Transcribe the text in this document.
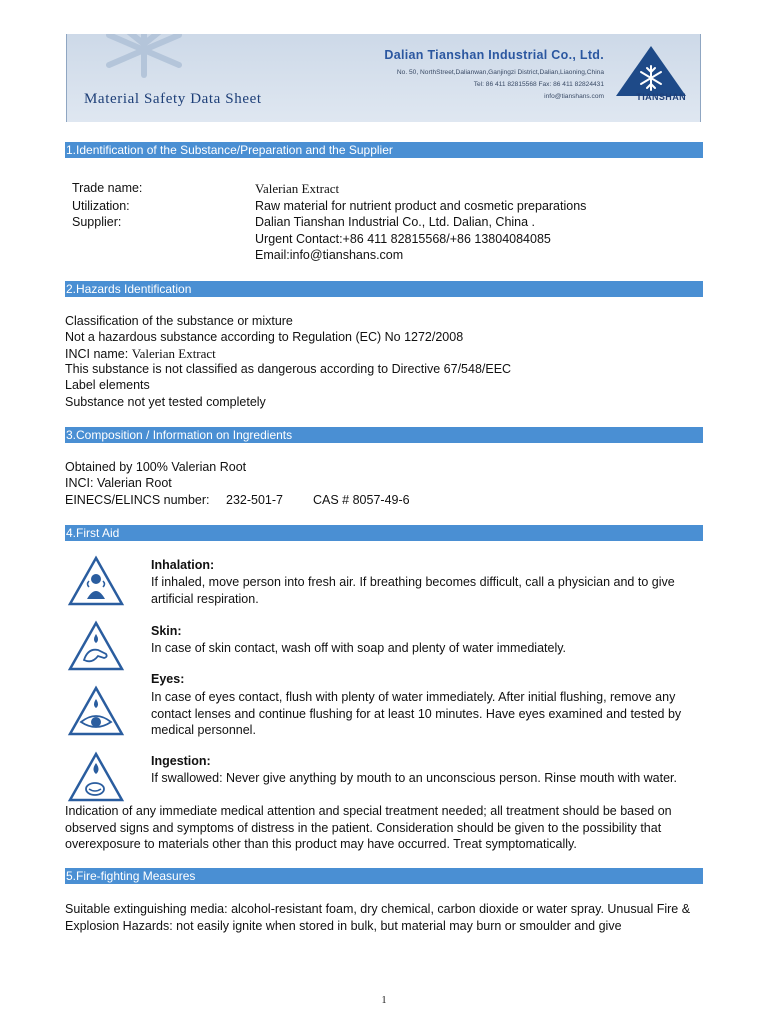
Material Safety Data Sheet
Dalian Tianshan Industrial Co., Ltd.
No. 50, NorthStreet,Dalianwan,Ganjingzi District,Dalian,Liaoning,China
Tel: 86 411 82815568 Fax: 86 411 82824431
info@tianshans.com	TIANSHAN
1.Identification of the Substance/Preparation and the Supplier
Trade name:	Valerian Extract
Utilization:	Raw material for nutrient product and cosmetic preparations
Supplier:	Dalian Tianshan Industrial Co., Ltd. Dalian, China .
Urgent Contact:+86 411 82815568/+86 13804084085
Email:info@tianshans.com
2.Hazards Identification
Classification of the substance or mixture
Not a hazardous substance according to Regulation (EC) No 1272/2008
INCI name: Valerian Extract
This substance is not classified as dangerous according to Directive 67/548/EEC
Label elements
Substance not yet tested completely
3.Composition / Information on Ingredients
Obtained by 100% Valerian Root
INCI: Valerian Root
EINECS/ELINCS number: 232-501-7 CAS # 8057-49-6
4.First Aid
Inhalation:
If inhaled, move person into fresh air. If breathing becomes difficult, call a physician and to give artificial respiration.
Skin:
In case of skin contact, wash off with soap and plenty of water immediately.
Eyes:
In case of eyes contact, flush with plenty of water immediately. After initial flushing, remove any contact lenses and continue flushing for at least 10 minutes. Have eyes examined and tested by medical personnel.
Ingestion:
If swallowed: Never give anything by mouth to an unconscious person. Rinse mouth with water.
Indication of any immediate medical attention and special treatment needed; all treatment should be based on observed signs and symptoms of distress in the patient. Consideration should be given to the possibility that overexposure to materials other than this product may have occurred. Treat symptomatically.
5.Fire-fighting Measures
Suitable extinguishing media: alcohol-resistant foam, dry chemical, carbon dioxide or water spray. Unusual Fire & Explosion Hazards: not easily ignite when stored in bulk, but material may burn or smoulder and give
1
